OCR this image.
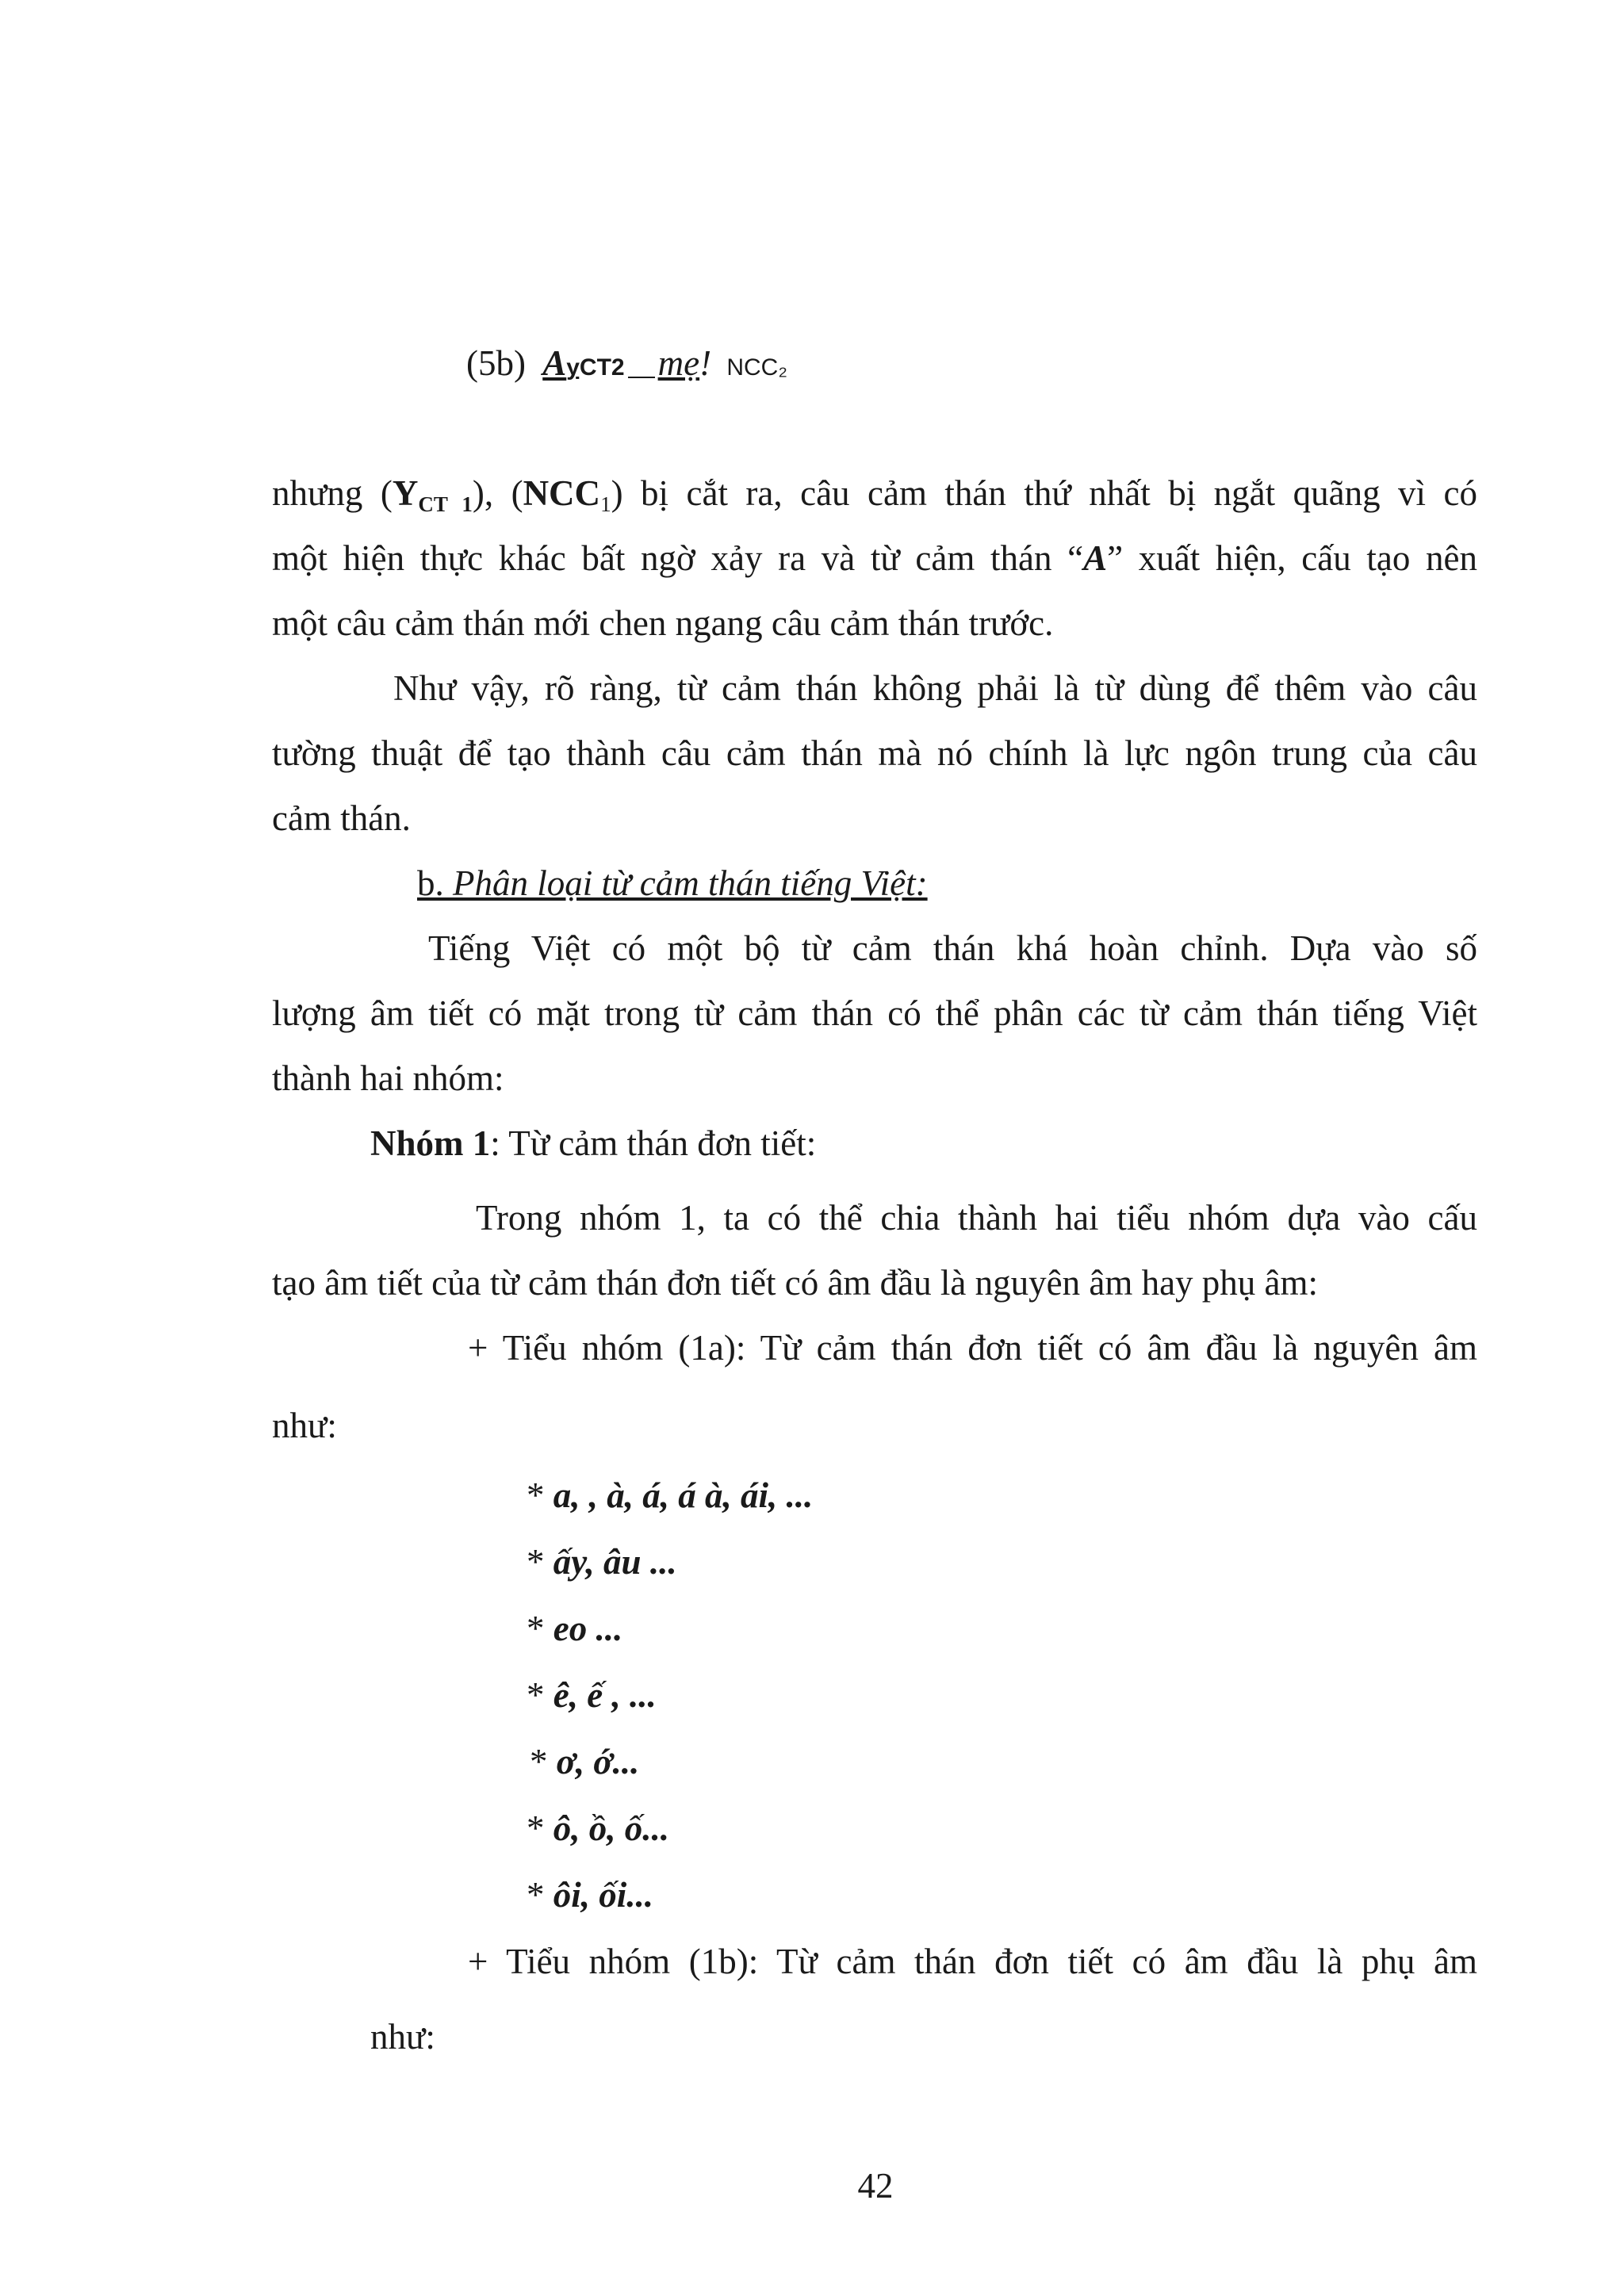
(5b) AỵCT2 mẹ! NCC₂
nhưng $(Y_{CT 1})$, $(NCC_1)$ bị cắt ra, câu cảm thán thứ nhất bị ngắt quãng vì có
một hiện thực khác bất ngờ xảy ra và từ cảm thán “A” xuất hiện, cấu tạo nên
một câu cảm thán mới chen ngang câu cảm thán trước.
Như vậy, rõ ràng, từ cảm thán không phải là từ dùng để thêm vào câu
tường thuật để tạo thành câu cảm thán mà nó chính là lực ngôn trung của câu
cảm thán.
b. Phân loại từ cảm thán tiếng Việt:
Tiếng Việt có một bộ từ cảm thán khá hoàn chỉnh. Dựa vào số
lượng âm tiết có mặt trong từ cảm thán có thể phân các từ cảm thán tiếng Việt
thành hai nhóm:
Nhóm 1: Từ cảm thán đơn tiết:
Trong nhóm 1, ta có thể chia thành hai tiểu nhóm dựa vào cấu
tạo âm tiết của từ cảm thán đơn tiết có âm đầu là nguyên âm hay phụ âm:
+ Tiểu nhóm (1a): Từ cảm thán đơn tiết có âm đầu là nguyên âm
như:
* a, , à, á, á à, ái, ...
* ấy, âu ...
* eo ...
* ê, ế , ...
* ơ, ớ...
* ô, ồ, ố...
* ôi, ối...
+ Tiểu nhóm (1b): Từ cảm thán đơn tiết có âm đầu là phụ âm
như:
42
